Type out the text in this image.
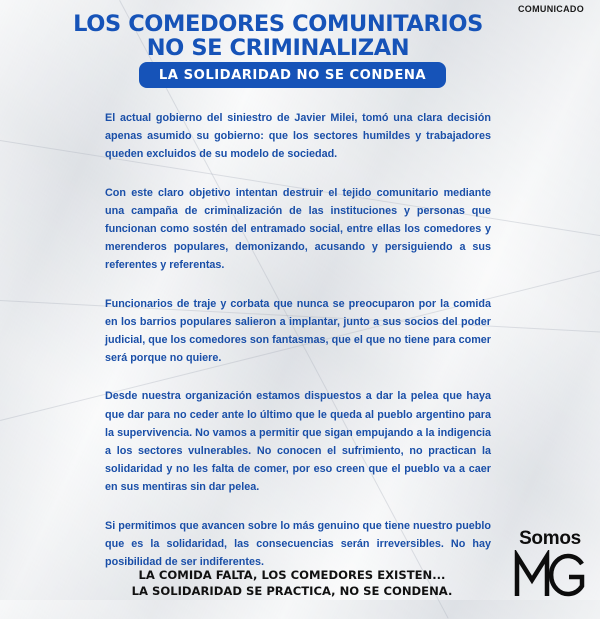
COMUNICADO
LOS COMEDORES COMUNITARIOS
NO SE CRIMINALIZAN
LA SOLIDARIDAD NO SE CONDENA

El actual gobierno del siniestro de Javier Milei, tomó una clara decisión apenas asumido su gobierno: que los sectores humildes y trabajadores queden excluidos de su modelo de sociedad.

Con este claro objetivo intentan destruir el tejido comunitario mediante una campaña de criminalización de las instituciones y personas que funcionan como sostén del entramado social, entre ellas los comedores y merenderos populares, demonizando, acusando y persiguiendo a sus referentes y referentas.

Funcionarios de traje y corbata que nunca se preocuparon por la comida en los barrios populares salieron a implantar, junto a sus socios del poder judicial, que los comedores son fantasmas, que el que no tiene para comer será porque no quiere.

Desde nuestra organización estamos dispuestos a dar la pelea que haya que dar para no ceder ante lo último que le queda al pueblo argentino para la supervivencia. No vamos a permitir que sigan empujando a la indigencia a los sectores vulnerables. No conocen el sufrimiento, no practican la solidaridad y no les falta de comer, por eso creen que el pueblo va a caer en sus mentiras sin dar pelea.

Si permitimos que avancen sobre lo más genuino que tiene nuestro pueblo que es la solidaridad, las consecuencias serán irreversibles. No hay posibilidad de ser indiferentes.

LA COMIDA FALTA, LOS COMEDORES EXISTEN...
LA SOLIDARIDAD SE PRACTICA, NO SE CONDENA.
Somos
